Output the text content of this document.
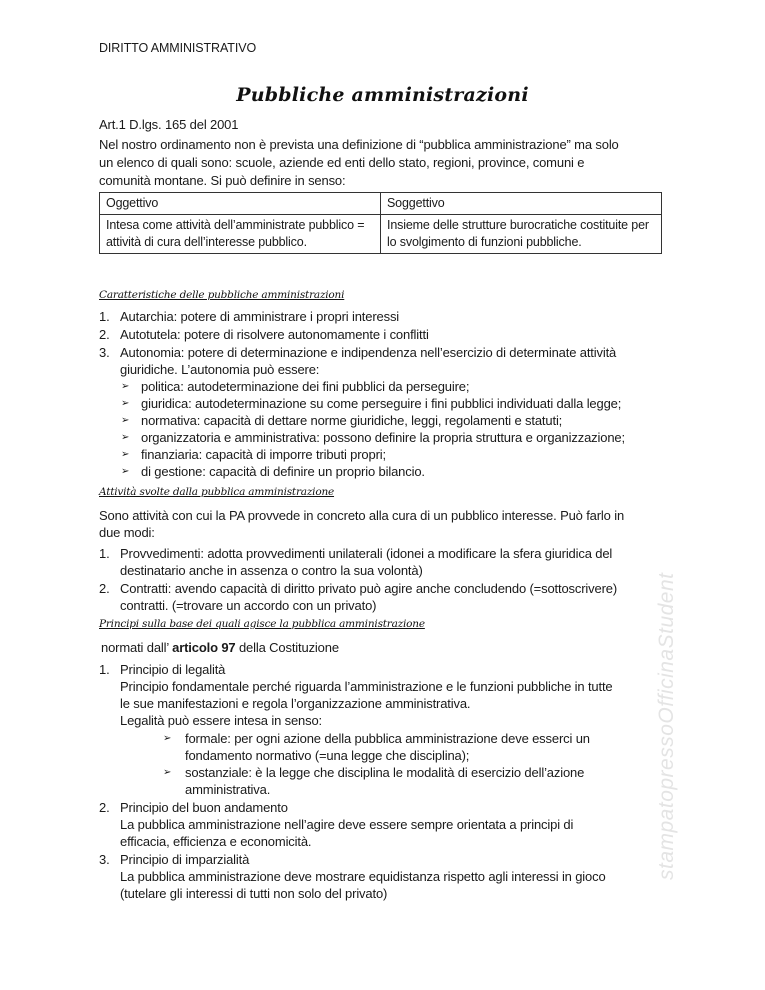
DIRITTO AMMINISTRATIVO
Pubbliche amministrazioni
Art.1 D.lgs. 165 del 2001
Nel nostro ordinamento non è prevista una definizione di “pubblica amministrazione” ma solo
un elenco di quali sono: scuole, aziende ed enti dello stato, regioni, province, comuni e
comunità montane. Si può definire in senso:
Oggettivo	Soggettivo
Intesa come attività dell’amministrate pubblico = attività di cura dell’interesse pubblico.	Insieme delle strutture burocratiche costituite per lo svolgimento di funzioni pubbliche.
Caratteristiche delle pubbliche amministrazioni
1. Autarchia: potere di amministrare i propri interessi
2. Autotutela: potere di risolvere autonomamente i conflitti
3. Autonomia: potere di determinazione e indipendenza nell’esercizio di determinate attività
giuridiche. L’autonomia può essere:
➢ politica: autodeterminazione dei fini pubblici da perseguire;
➢ giuridica: autodeterminazione su come perseguire i fini pubblici individuati dalla legge;
➢ normativa: capacità di dettare norme giuridiche, leggi, regolamenti e statuti;
➢ organizzatoria e amministrativa: possono definire la propria struttura e organizzazione;
➢ finanziaria: capacità di imporre tributi propri;
➢ di gestione: capacità di definire un proprio bilancio.
Attività svolte dalla pubblica amministrazione
Sono attività con cui la PA provvede in concreto alla cura di un pubblico interesse. Può farlo in
due modi:
1. Provvedimenti: adotta provvedimenti unilaterali (idonei a modificare la sfera giuridica del
destinatario anche in assenza o contro la sua volontà)
2. Contratti: avendo capacità di diritto privato può agire anche concludendo (=sottoscrivere)
contratti. (=trovare un accordo con un privato)
Principi sulla base dei quali agisce la pubblica amministrazione
normati dall’ articolo 97 della Costituzione
1. Principio di legalità
Principio fondamentale perché riguarda l’amministrazione e le funzioni pubbliche in tutte
le sue manifestazioni e regola l’organizzazione amministrativa.
Legalità può essere intesa in senso:
➢ formale: per ogni azione della pubblica amministrazione deve esserci un
fondamento normativo (=una legge che disciplina);
➢ sostanziale: è la legge che disciplina le modalità di esercizio dell’azione
amministrativa.
2. Principio del buon andamento
La pubblica amministrazione nell’agire deve essere sempre orientata a principi di
efficacia, efficienza e economicità.
3. Principio di imparzialità
La pubblica amministrazione deve mostrare equidistanza rispetto agli interessi in gioco
(tutelare gli interessi di tutti non solo del privato)
stampatopressoOfficinaStudent
